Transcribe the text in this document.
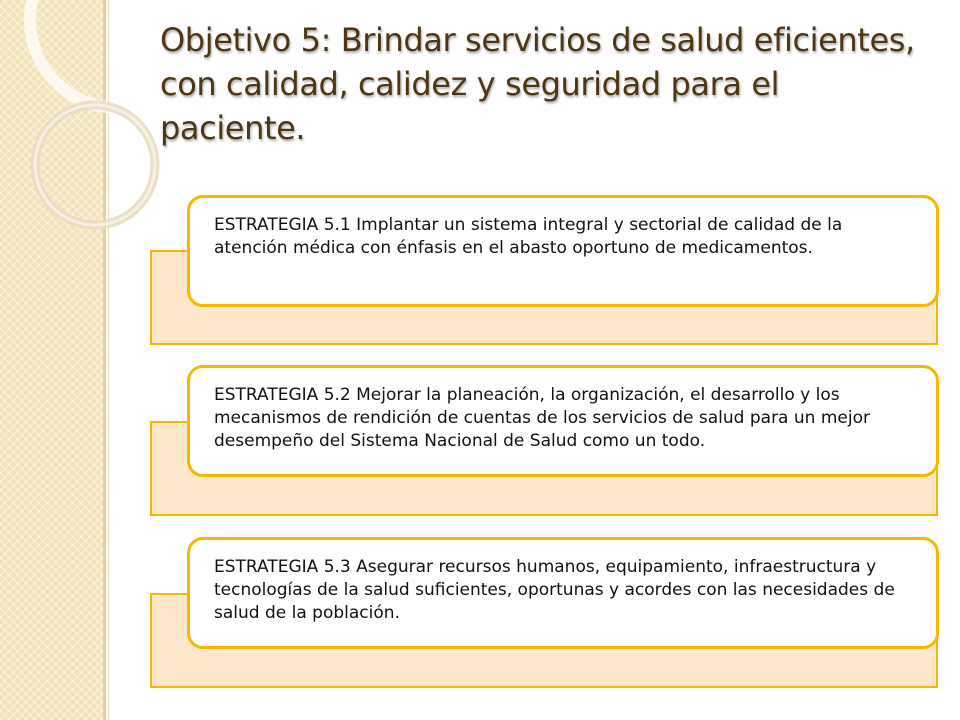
Objetivo 5: Brindar servicios de salud eficientes, con calidad, calidez y seguridad para el paciente.
ESTRATEGIA 5.1 Implantar un sistema integral y sectorial de calidad de la atención médica con énfasis en el abasto oportuno de medicamentos.
ESTRATEGIA 5.2 Mejorar la planeación, la organización, el desarrollo y los mecanismos de rendición de cuentas de los servicios de salud para un mejor desempeño del Sistema Nacional de Salud como un todo.
ESTRATEGIA 5.3 Asegurar recursos humanos, equipamiento, infraestructura y tecnologías de la salud suficientes, oportunas y acordes con las necesidades de salud de la población.
